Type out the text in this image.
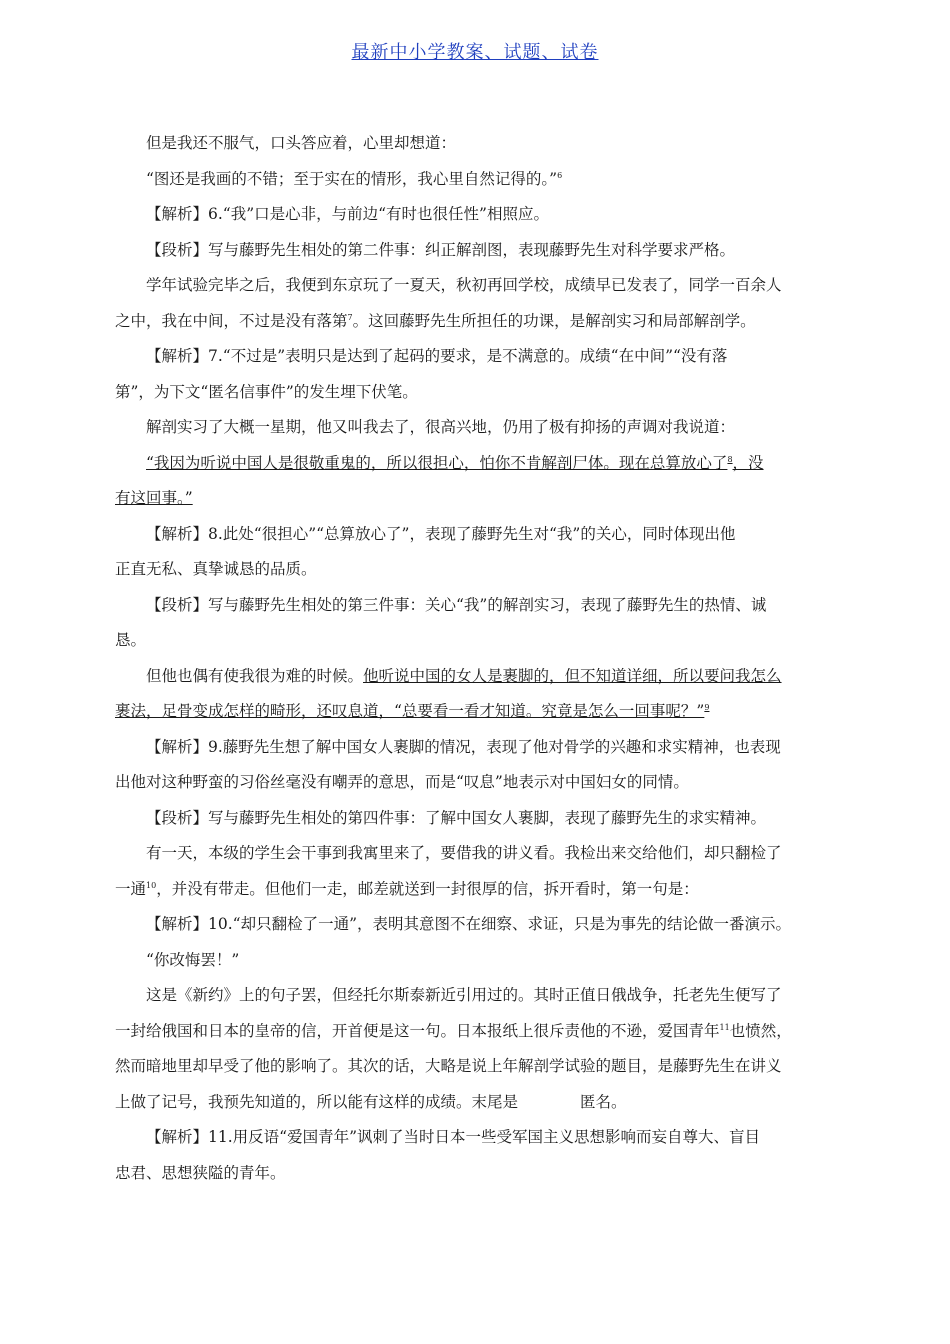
最新中小学教案、试题、试卷
但是我还不服气，口头答应着，心里却想道：
“图还是我画的不错；至于实在的情形，我心里自然记得的。”$^6$
【解析】6.“我”口是心非，与前边“有时也很任性”相照应。
【段析】写与藤野先生相处的第二件事：纠正解剖图，表现藤野先生对科学要求严格。
学年试验完毕之后，我便到东京玩了一夏天，秋初再回学校，成绩早已发表了，同学一百余人
之中，我在中间，不过是没有落第$^7$。这回藤野先生所担任的功课，是解剖实习和局部解剖学。
【解析】7.“不过是”表明只是达到了起码的要求，是不满意的。成绩“在中间”“没有落
第”，为下文“匿名信事件”的发生埋下伏笔。
解剖实习了大概一星期，他又叫我去了，很高兴地，仍用了极有抑扬的声调对我说道：
“我因为听说中国人是很敬重鬼的，所以很担心，怕你不肯解剖尸体。现在总算放心了$^8$，没
有这回事。”
【解析】8.此处“很担心”“总算放心了”，表现了藤野先生对“我”的关心，同时体现出他
正直无私、真挚诚恳的品质。
【段析】写与藤野先生相处的第三件事：关心“我”的解剖实习，表现了藤野先生的热情、诚
恳。
但他也偶有使我很为难的时候。他听说中国的女人是裹脚的，但不知道详细，所以要问我怎么
裹法，足骨变成怎样的畸形，还叹息道，“总要看一看才知道。究竟是怎么一回事呢？”$^9$
【解析】9.藤野先生想了解中国女人裹脚的情况，表现了他对骨学的兴趣和求实精神，也表现
出他对这种野蛮的习俗丝毫没有嘲弄的意思，而是“叹息”地表示对中国妇女的同情。
【段析】写与藤野先生相处的第四件事：了解中国女人裹脚，表现了藤野先生的求实精神。
有一天，本级的学生会干事到我寓里来了，要借我的讲义看。我检出来交给他们，却只翻检了
一通$^{10}$，并没有带走。但他们一走，邮差就送到一封很厚的信，拆开看时，第一句是：
【解析】10.“却只翻检了一通”，表明其意图不在细察、求证，只是为事先的结论做一番演示。
“你改悔罢！”
这是《新约》上的句子罢，但经托尔斯泰新近引用过的。其时正值日俄战争，托老先生便写了
一封给俄国和日本的皇帝的信，开首便是这一句。日本报纸上很斥责他的不逊，爱国青年$^{11}$也愤然，
然而暗地里却早受了他的影响了。其次的话，大略是说上年解剖学试验的题目，是藤野先生在讲义
上做了记号，我预先知道的，所以能有这样的成绩。末尾是	匿名。
【解析】11.用反语“爱国青年”讽刺了当时日本一些受军国主义思想影响而妄自尊大、盲目
忠君、思想狭隘的青年。
